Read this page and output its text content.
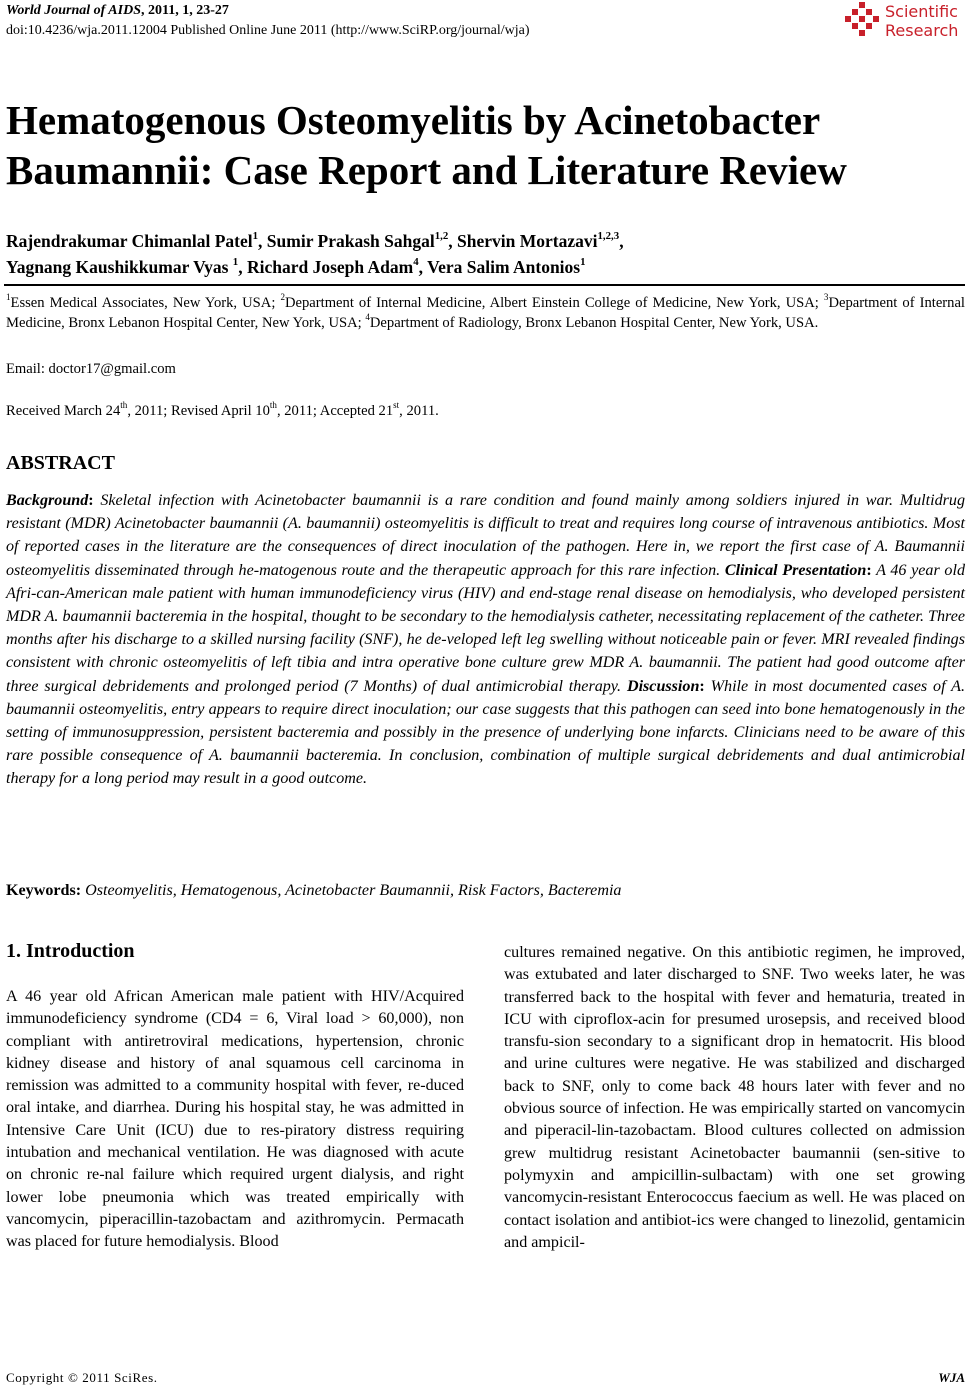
World Journal of AIDS, 2011, 1, 23-27
doi:10.4236/wja.2011.12004 Published Online June 2011 (http://www.SciRP.org/journal/wja)
Scientific
Research
Hematogenous Osteomyelitis by Acinetobacter
Baumannii: Case Report and Literature Review
Rajendrakumar Chimanlal Patel$^1$, Sumir Prakash Sahgal$^{1,2}$, Shervin Mortazavi$^{1,2,3}$,
Yagnang Kaushikkumar Vyas $^1$, Richard Joseph Adam$^4$, Vera Salim Antonios$^1$
$^1$Essen Medical Associates, New York, USA; $^2$Department of Internal Medicine, Albert Einstein College of Medicine, New York, USA; $^3$Department of Internal Medicine, Bronx Lebanon Hospital Center, New York, USA; $^4$Department of Radiology, Bronx Lebanon Hospital Center, New York, USA.
Email: doctor17@gmail.com
Received March 24th, 2011; Revised April 10th, 2011; Accepted 21st, 2011.
ABSTRACT

Background: Skeletal infection with Acinetobacter baumannii is a rare condition and found mainly among soldiers injured in war. Multidrug resistant (MDR) Acinetobacter baumannii (A. baumannii) osteomyelitis is difficult to treat and requires long course of intravenous antibiotics. Most of reported cases in the literature are the consequences of direct inoculation of the pathogen. Here in, we report the first case of A. Baumannii osteomyelitis disseminated through he-matogenous route and the therapeutic approach for this rare infection. Clinical Presentation: A 46 year old Afri-can-American male patient with human immunodeficiency virus (HIV) and end-stage renal disease on hemodialysis, who developed persistent MDR A. baumannii bacteremia in the hospital, thought to be secondary to the hemodialysis catheter, necessitating replacement of the catheter. Three months after his discharge to a skilled nursing facility (SNF), he de-veloped left leg swelling without noticeable pain or fever. MRI revealed findings consistent with chronic osteomyelitis of left tibia and intra operative bone culture grew MDR A. baumannii. The patient had good outcome after three surgical debridements and prolonged period (7 Months) of dual antimicrobial therapy. Discussion: While in most documented cases of A. baumannii osteomyelitis, entry appears to require direct inoculation; our case suggests that this pathogen can seed into bone hematogenously in the setting of immunosuppression, persistent bacteremia and possibly in the presence of underlying bone infarcts. Clinicians need to be aware of this rare possible consequence of A. baumannii bacteremia. In conclusion, combination of multiple surgical debridements and dual antimicrobial therapy for a long period may result in a good outcome.

Keywords: Osteomyelitis, Hematogenous, Acinetobacter Baumannii, Risk Factors, Bacteremia
1. Introduction

A 46 year old African American male patient with HIV/Acquired immunodeficiency syndrome (CD4 = 6, Viral load > 60,000), non compliant with antiretroviral medications, hypertension, chronic kidney disease and history of anal squamous cell carcinoma in remission was admitted to a community hospital with fever, re-duced oral intake, and diarrhea. During his hospital stay, he was admitted in Intensive Care Unit (ICU) due to res-piratory distress requiring intubation and mechanical ventilation. He was diagnosed with acute on chronic re-nal failure which required urgent dialysis, and right lower lobe pneumonia which was treated empirically with vancomycin, piperacillin-tazobactam and azithromycin. Permacath was placed for future hemodialysis. Blood

cultures remained negative. On this antibiotic regimen, he improved, was extubated and later discharged to SNF. Two weeks later, he was transferred back to the hospital with fever and hematuria, treated in ICU with ciproflox-acin for presumed urosepsis, and received blood transfu-sion secondary to a significant drop in hematocrit. His blood and urine cultures were negative. He was stabilized and discharged back to SNF, only to come back 48 hours later with fever and no obvious source of infection. He was empirically started on vancomycin and piperacil-lin-tazobactam. Blood cultures collected on admission grew multidrug resistant Acinetobacter baumannii (sen-sitive to polymyxin and ampicillin-sulbactam) with one set growing vancomycin-resistant Enterococcus faecium as well. He was placed on contact isolation and antibiot-ics were changed to linezolid, gentamicin and ampicil-

Copyright © 2011 SciRes.	WJA
